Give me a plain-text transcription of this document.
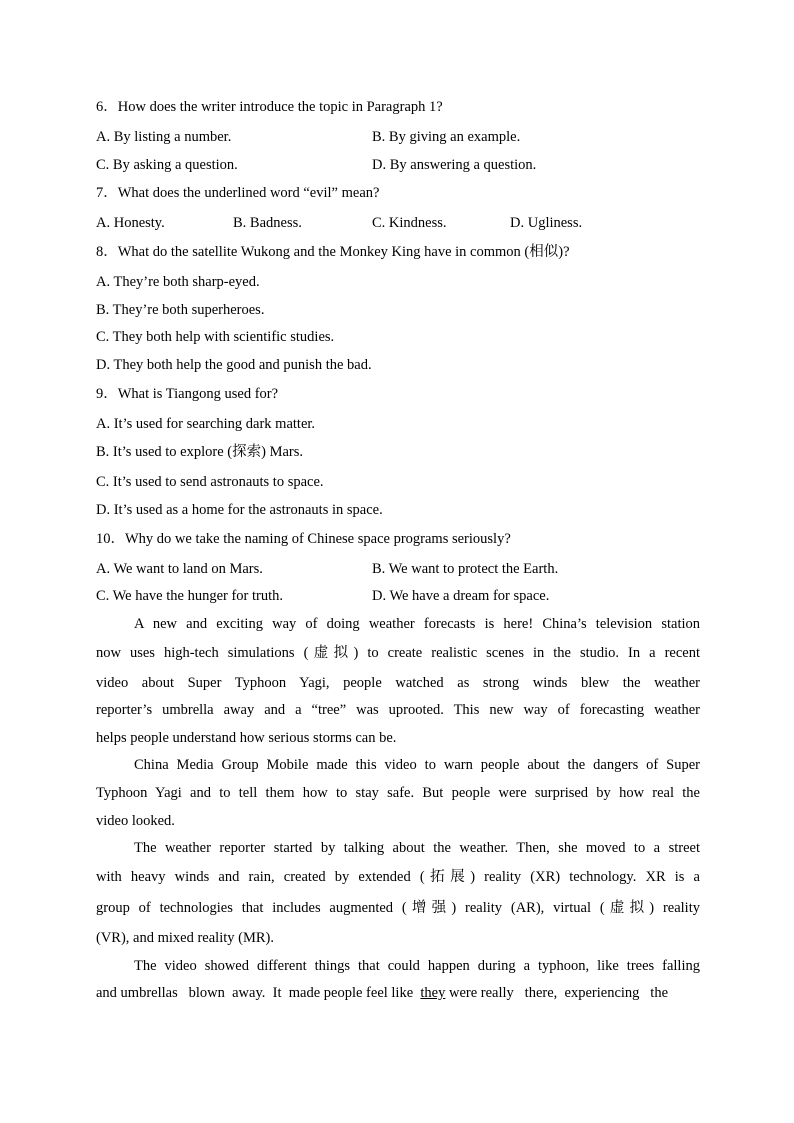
6．How does the writer introduce the topic in Paragraph 1?
A. By listing a number.	B. By giving an example.
C. By asking a question.	D. By answering a question.
7．What does the underlined word “evil” mean?
A. Honesty.	B. Badness.	C. Kindness.	D. Ugliness.
8．What do the satellite Wukong and the Monkey King have in common (相似)?
A. They’re both sharp-eyed.
B. They’re both superheroes.
C. They both help with scientific studies.
D. They both help the good and punish the bad.
9．What is Tiangong used for?
A. It’s used for searching dark matter.
B. It’s used to explore (探索) Mars.
C. It’s used to send astronauts to space.
D. It’s used as a home for the astronauts in space.
10．Why do we take the naming of Chinese space programs seriously?
A. We want to land on Mars.	B. We want to protect the Earth.
C. We have the hunger for truth.	D. We have a dream for space.
A new and exciting way of doing weather forecasts is here! China’s television station
now uses high-tech simulations (虚拟) to create realistic scenes in the studio. In a recent
video about Super Typhoon Yagi, people watched as strong winds blew the weather
reporter’s umbrella away and a “tree” was uprooted. This new way of forecasting weather
helps people understand how serious storms can be.
China Media Group Mobile made this video to warn people about the dangers of Super
Typhoon Yagi and to tell them how to stay safe. But people were surprised by how real the
video looked.
The weather reporter started by talking about the weather. Then, she moved to a street
with heavy winds and rain, created by extended (拓展) reality (XR) technology. XR is a
group of technologies that includes augmented (增强) reality (AR), virtual (虚拟) reality
(VR), and mixed reality (MR).
The video showed different things that could happen during a typhoon, like trees falling
and umbrellas   blown  away.  It  made people feel like  they were really   there,  experiencing   the
